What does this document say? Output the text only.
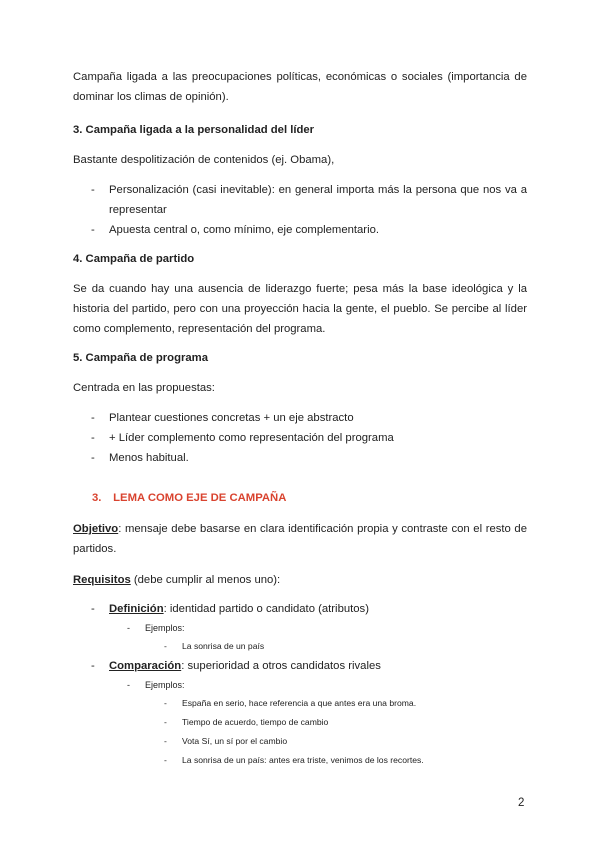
Campaña ligada a las preocupaciones políticas, económicas o sociales (importancia de dominar los climas de opinión).
3. Campaña ligada a la personalidad del líder
Bastante despolitización de contenidos (ej. Obama),
- Personalización (casi inevitable): en general importa más la persona que nos va a representar
- Apuesta central o, como mínimo, eje complementario.
4. Campaña de partido
Se da cuando hay una ausencia de liderazgo fuerte; pesa más la base ideológica y la historia del partido, pero con una proyección hacia la gente, el pueblo. Se percibe al líder como complemento, representación del programa.
5. Campaña de programa
Centrada en las propuestas:
- Plantear cuestiones concretas + un eje abstracto
- + Líder complemento como representación del programa
- Menos habitual.
3. LEMA COMO EJE DE CAMPAÑA
Objetivo: mensaje debe basarse en clara identificación propia y contraste con el resto de partidos.
Requisitos (debe cumplir al menos uno):
- Definición: identidad partido o candidato (atributos)
- Ejemplos:
- La sonrisa de un país
- Comparación: superioridad a otros candidatos rivales
- Ejemplos:
- España en serio, hace referencia a que antes era una broma.
- Tiempo de acuerdo, tiempo de cambio
- Vota Sí, un sí por el cambio
- La sonrisa de un país: antes era triste, venimos de los recortes.
2
